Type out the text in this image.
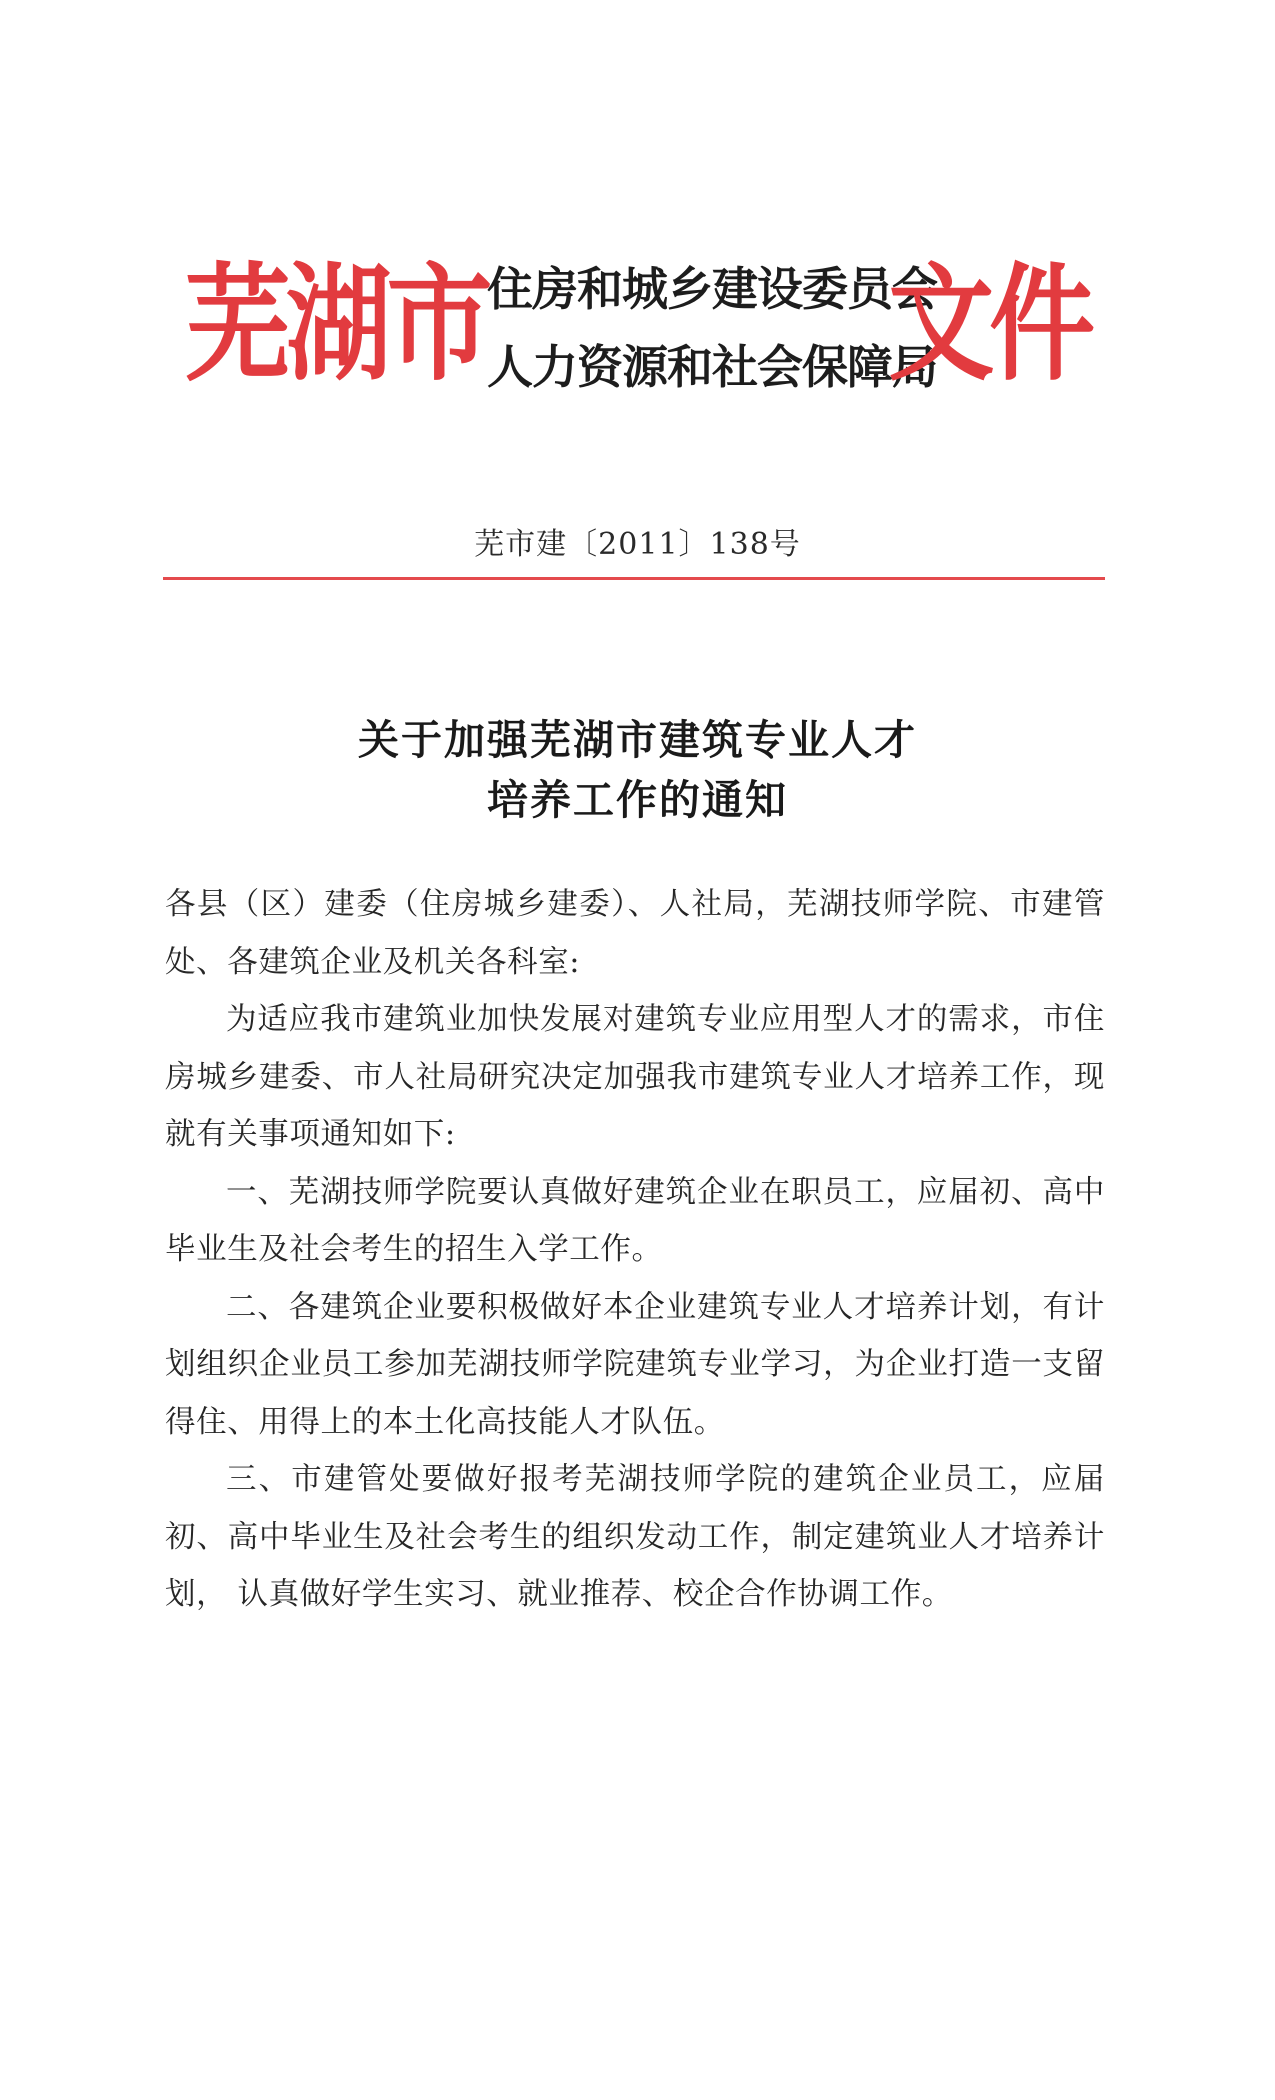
芜湖市 住房和城乡建设委员会
人力资源和社会保障局
文件
芜市建〔2011〕138号
关于加强芜湖市建筑专业人才
培养工作的通知

各县（区）建委（住房城乡建委）、人社局，芜湖技师学院、市建管处、各建筑企业及机关各科室:

为适应我市建筑业加快发展对建筑专业应用型人才的需求，市住房城乡建委、市人社局研究决定加强我市建筑专业人才培养工作，现就有关事项通知如下:

一、芜湖技师学院要认真做好建筑企业在职员工，应届初、高中毕业生及社会考生的招生入学工作。

二、各建筑企业要积极做好本企业建筑专业人才培养计划，有计划组织企业员工参加芜湖技师学院建筑专业学习，为企业打造一支留得住、用得上的本土化高技能人才队伍。

三、市建管处要做好报考芜湖技师学院的建筑企业员工，应届初、高中毕业生及社会考生的组织发动工作，制定建筑业人才培养计划， 认真做好学生实习、就业推荐、校企合作协调工作。
